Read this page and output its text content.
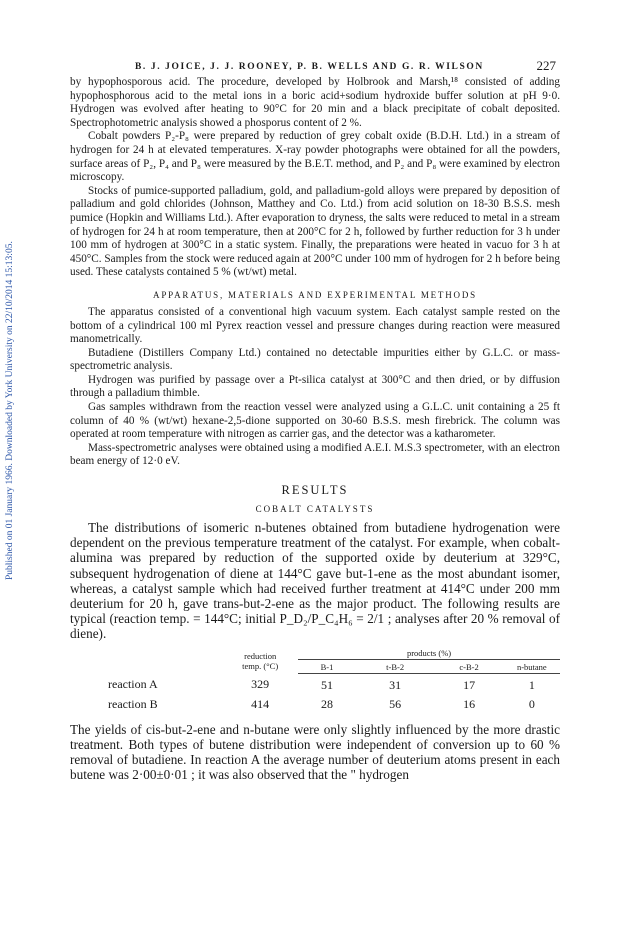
Published on 01 January 1966. Downloaded by York University on 22/10/2014 15:13:05.
B. J. JOICE, J. J. ROONEY, P. B. WELLS AND G. R. WILSON	227

by hypophosporous acid. The procedure, developed by Holbrook and Marsh,¹⁸ consisted of adding hypophosphorous acid to the metal ions in a boric acid+sodium hydroxide buffer solution at pH 9·0. Hydrogen was evolved after heating to 90°C for 20 min and a black precipitate of cobalt deposited. Spectrophotometric analysis showed a phosporus content of 2 %.

Cobalt powders P₂-P₈ were prepared by reduction of grey cobalt oxide (B.D.H. Ltd.) in a stream of hydrogen for 24 h at elevated temperatures. X-ray powder photographs were obtained for all the powders, surface areas of P₂, P₄ and P₈ were measured by the B.E.T. method, and P₂ and P₈ were examined by electron microscopy.

Stocks of pumice-supported palladium, gold, and palladium-gold alloys were prepared by deposition of palladium and gold chlorides (Johnson, Matthey and Co. Ltd.) from acid solution on 18-30 B.S.S. mesh pumice (Hopkin and Williams Ltd.). After evaporation to dryness, the salts were reduced to metal in a stream of hydrogen for 24 h at room temperature, then at 200°C for 2 h, followed by further reduction for 3 h under 100 mm of hydrogen at 300°C in a static system. Finally, the preparations were heated in vacuo for 3 h at 450°C. Samples from the stock were reduced again at 200°C under 100 mm of hydrogen for 2 h before being used. These catalysts contained 5 % (wt/wt) metal.

APPARATUS, MATERIALS AND EXPERIMENTAL METHODS

The apparatus consisted of a conventional high vacuum system. Each catalyst sample rested on the bottom of a cylindrical 100 ml Pyrex reaction vessel and pressure changes during reaction were measured manometrically.

Butadiene (Distillers Company Ltd.) contained no detectable impurities either by G.L.C. or mass-spectrometric analysis.

Hydrogen was purified by passage over a Pt-silica catalyst at 300°C and then dried, or by diffusion through a palladium thimble.

Gas samples withdrawn from the reaction vessel were analyzed using a G.L.C. unit containing a 25 ft column of 40 % (wt/wt) hexane-2,5-dione supported on 30-60 B.S.S. mesh firebrick. The column was operated at room temperature with nitrogen as carrier gas, and the detector was a katharometer.

Mass-spectrometric analyses were obtained using a modified A.E.I. M.S.3 spectrometer, with an electron beam energy of 12·0 eV.

RESULTS
COBALT CATALYSTS

The distributions of isomeric n-butenes obtained from butadiene hydrogenation were dependent on the previous temperature treatment of the catalyst. For example, when cobalt-alumina was prepared by reduction of the supported oxide by deuterium at 329°C, subsequent hydrogenation of diene at 144°C gave but-1-ene as the most abundant isomer, whereas, a catalyst sample which had received further treatment at 414°C under 200 mm deuterium for 20 h, gave trans-but-2-ene as the major product. The following results are typical (reaction temp. = 144°C; initial P_D₂/P_C₄H₆ = 2/1 ; analyses after 20 % removal of diene).

	reduction
temp. (°C)	products (%)			
		B-1	t-B-2	c-B-2	n-butane
reaction A	329	51	31	17	1
reaction B	414	28	56	16	0

The yields of cis-but-2-ene and n-butane were only slightly influenced by the more drastic treatment. Both types of butene distribution were independent of conversion up to 60 % removal of butadiene. In reaction A the average number of deuterium atoms present in each butene was 2·00±0·01 ; it was also observed that the " hydrogen
